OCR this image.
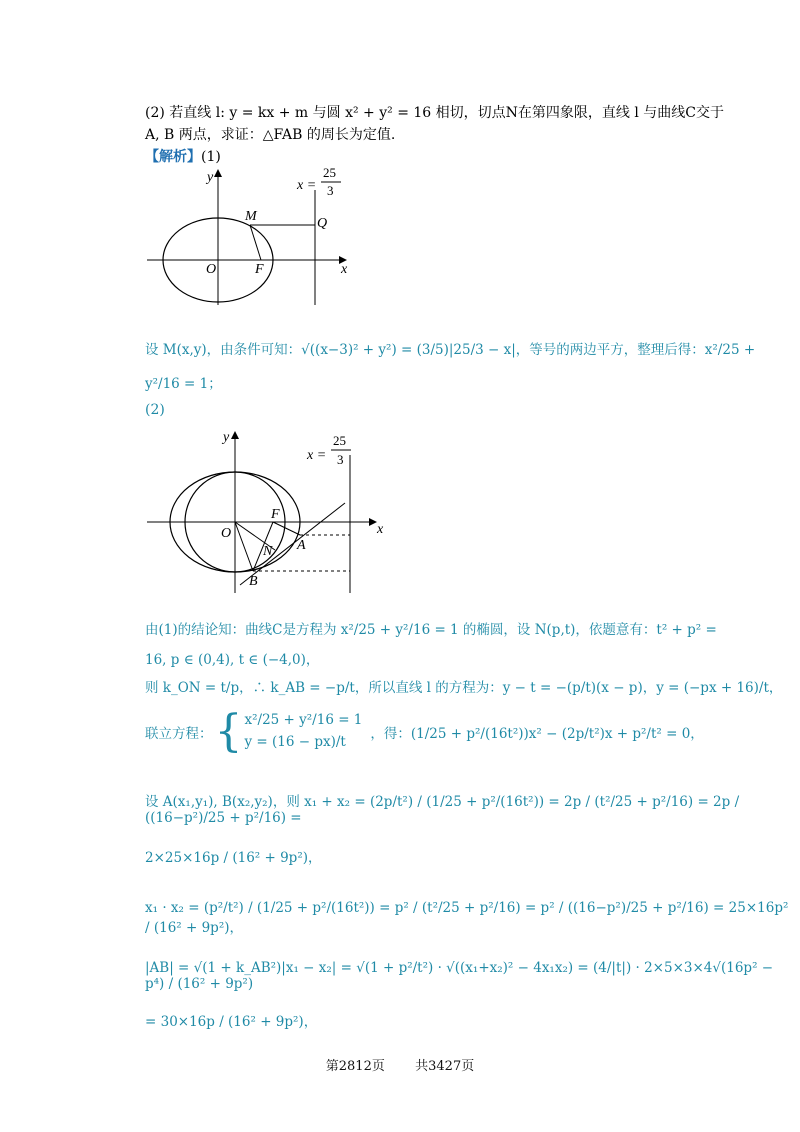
(2) 若直线 l: y = kx + m 与圆 x² + y² = 16 相切，切点N在第四象限，直线 l 与曲线C交于
A, B 两点，求证：△FAB 的周长为定值.
【解析】(1)
y
x
O	F
M	Q
x =
25
3
设 M(x,y)，由条件可知：√((x−3)² + y²) = (3/5)|25/3 − x|，等号的两边平方，整理后得：x²/25 +
y²/16 = 1；
(2)
y
x
O
F
N A
B
x =
25
3
由(1)的结论知：曲线C是方程为 x²/25 + y²/16 = 1 的椭圆，设 N(p,t)，依题意有：t² + p² =
16, p ∈ (0,4), t ∈ (−4,0)，
则 k_ON = t/p，∴ k_AB = −p/t，所以直线 l 的方程为：y − t = −(p/t)(x − p)，y = (−px + 16)/t，
联立方程： { x²/25 + y²/16 = 1
y = (16 − px)/t	，得：(1/25 + p²/(16t²))x² − (2p/t²)x + p²/t² = 0，
设 A(x₁,y₁), B(x₂,y₂)，则 x₁ + x₂ = (2p/t²) / (1/25 + p²/(16t²)) = 2p / (t²/25 + p²/16) = 2p / ((16−p²)/25 + p²/16) =
2×25×16p / (16² + 9p²)，
x₁ · x₂ = (p²/t²) / (1/25 + p²/(16t²)) = p² / (t²/25 + p²/16) = p² / ((16−p²)/25 + p²/16) = 25×16p² / (16² + 9p²)，
|AB| = √(1 + k_AB²)|x₁ − x₂| = √(1 + p²/t²) · √((x₁+x₂)² − 4x₁x₂) = (4/|t|) · 2×5×3×4√(16p² − p⁴) / (16² + 9p²)
= 30×16p / (16² + 9p²)，
第2812页 共3427页
